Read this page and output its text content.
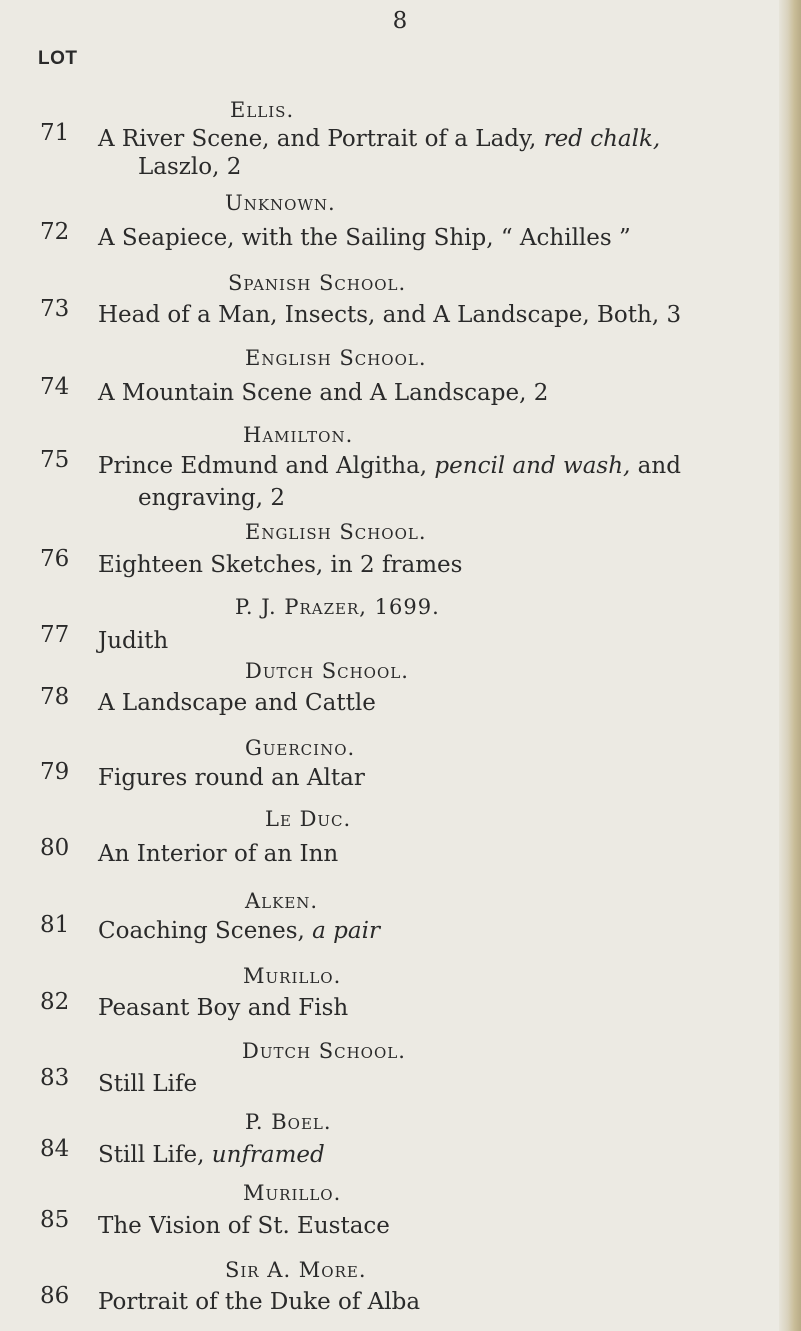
8
LOT
Ellis.
71 A River Scene, and Portrait of a Lady, red chalk,
Laszlo, 2
Unknown.
72 A Seapiece, with the Sailing Ship, “ Achilles ”
Spanish School.
73 Head of a Man, Insects, and A Landscape, Both, 3
English School.
74 A Mountain Scene and A Landscape, 2
Hamilton.
75 Prince Edmund and Algitha, pencil and wash, and
engraving, 2
English School.
76 Eighteen Sketches, in 2 frames
P. J. Prazer, 1699.
77 Judith
Dutch School.
78 A Landscape and Cattle
Guercino.
79 Figures round an Altar
Le Duc.
80 An Interior of an Inn
Alken.
81 Coaching Scenes, a pair
Murillo.
82 Peasant Boy and Fish
Dutch School.
83 Still Life
P. Boel.
84 Still Life, unframed
Murillo.
85 The Vision of St. Eustace
Sir A. More.
86 Portrait of the Duke of Alba
